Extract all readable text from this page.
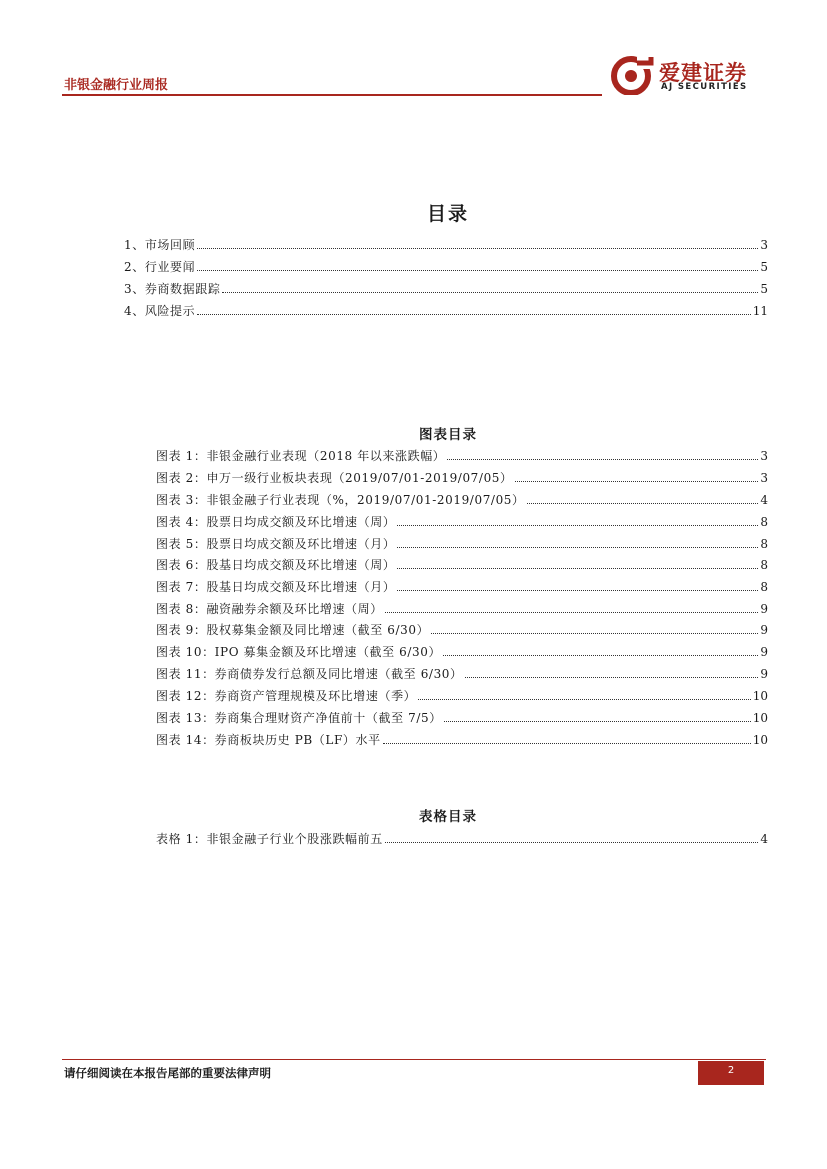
非银金融行业周报
爱建证券
AJ SECURITIES
目录
1、市场回顾	3
2、行业要闻	5
3、券商数据跟踪	5
4、风险提示	11
图表目录
图表 1：非银金融行业表现（2018 年以来涨跌幅）	3
图表 2：申万一级行业板块表现（2019/07/01-2019/07/05）	3
图表 3：非银金融子行业表现（%，2019/07/01-2019/07/05）	4
图表 4：股票日均成交额及环比增速（周）	8
图表 5：股票日均成交额及环比增速（月）	8
图表 6：股基日均成交额及环比增速（周）	8
图表 7：股基日均成交额及环比增速（月）	8
图表 8：融资融券余额及环比增速（周）	9
图表 9：股权募集金额及同比增速（截至 6/30）	9
图表 10：IPO 募集金额及环比增速（截至 6/30）	9
图表 11：券商债券发行总额及同比增速（截至 6/30）	9
图表 12：券商资产管理规模及环比增速（季）	10
图表 13：券商集合理财资产净值前十（截至 7/5）	10
图表 14：券商板块历史 PB（LF）水平	10
表格目录
表格 1：非银金融子行业个股涨跌幅前五	4
请仔细阅读在本报告尾部的重要法律声明	2
